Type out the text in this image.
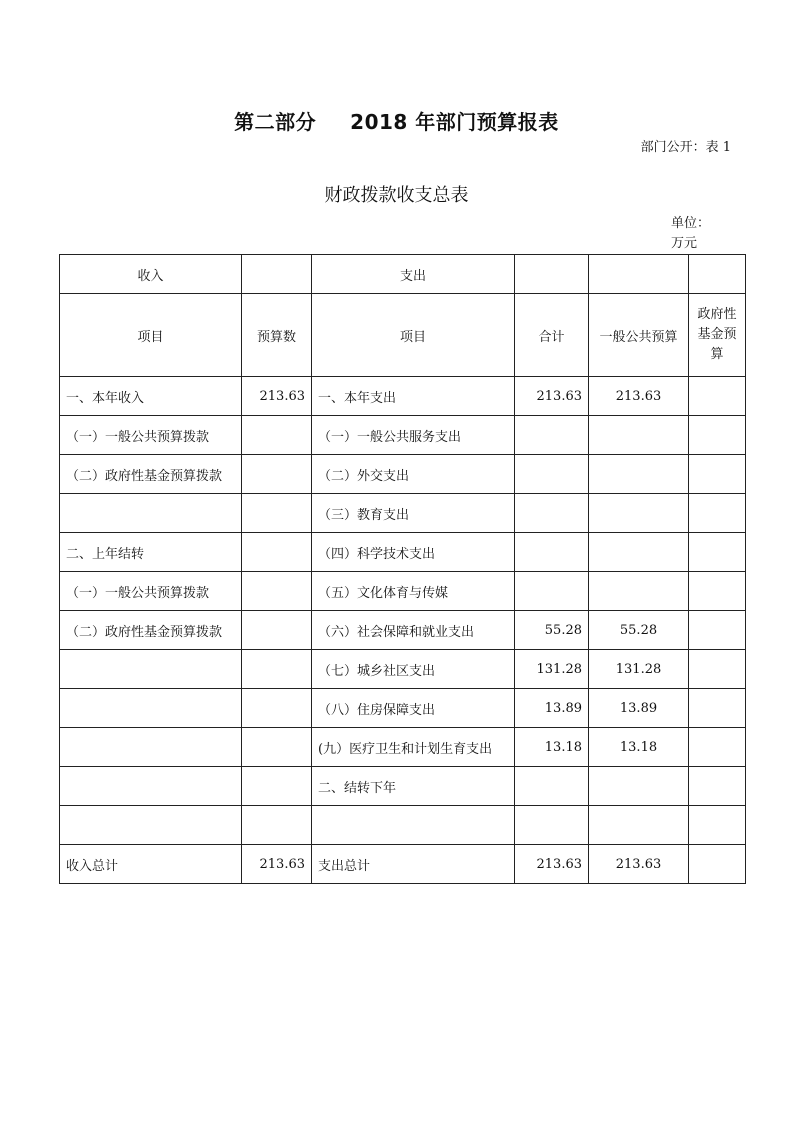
第二部分 2018 年部门预算报表
部门公开：表 1
财政拨款收支总表
单位：
万元
收入		支出			
项目	预算数	项目	合计	一般公共预算	政府性基金预算
一、本年收入	213.63	一、本年支出	213.63	213.63	
（一）一般公共预算拨款		（一）一般公共服务支出			
（二）政府性基金预算拨款		（二）外交支出			
		（三）教育支出			
二、上年结转		（四）科学技术支出			
（一）一般公共预算拨款		（五）文化体育与传媒			
（二）政府性基金预算拨款		（六）社会保障和就业支出	55.28	55.28	
		（七）城乡社区支出	131.28	131.28	
		（八）住房保障支出	13.89	13.89	
		(九）医疗卫生和计划生育支出	13.18	13.18	
		二、结转下年			

收入总计	213.63	支出总计	213.63	213.63	
